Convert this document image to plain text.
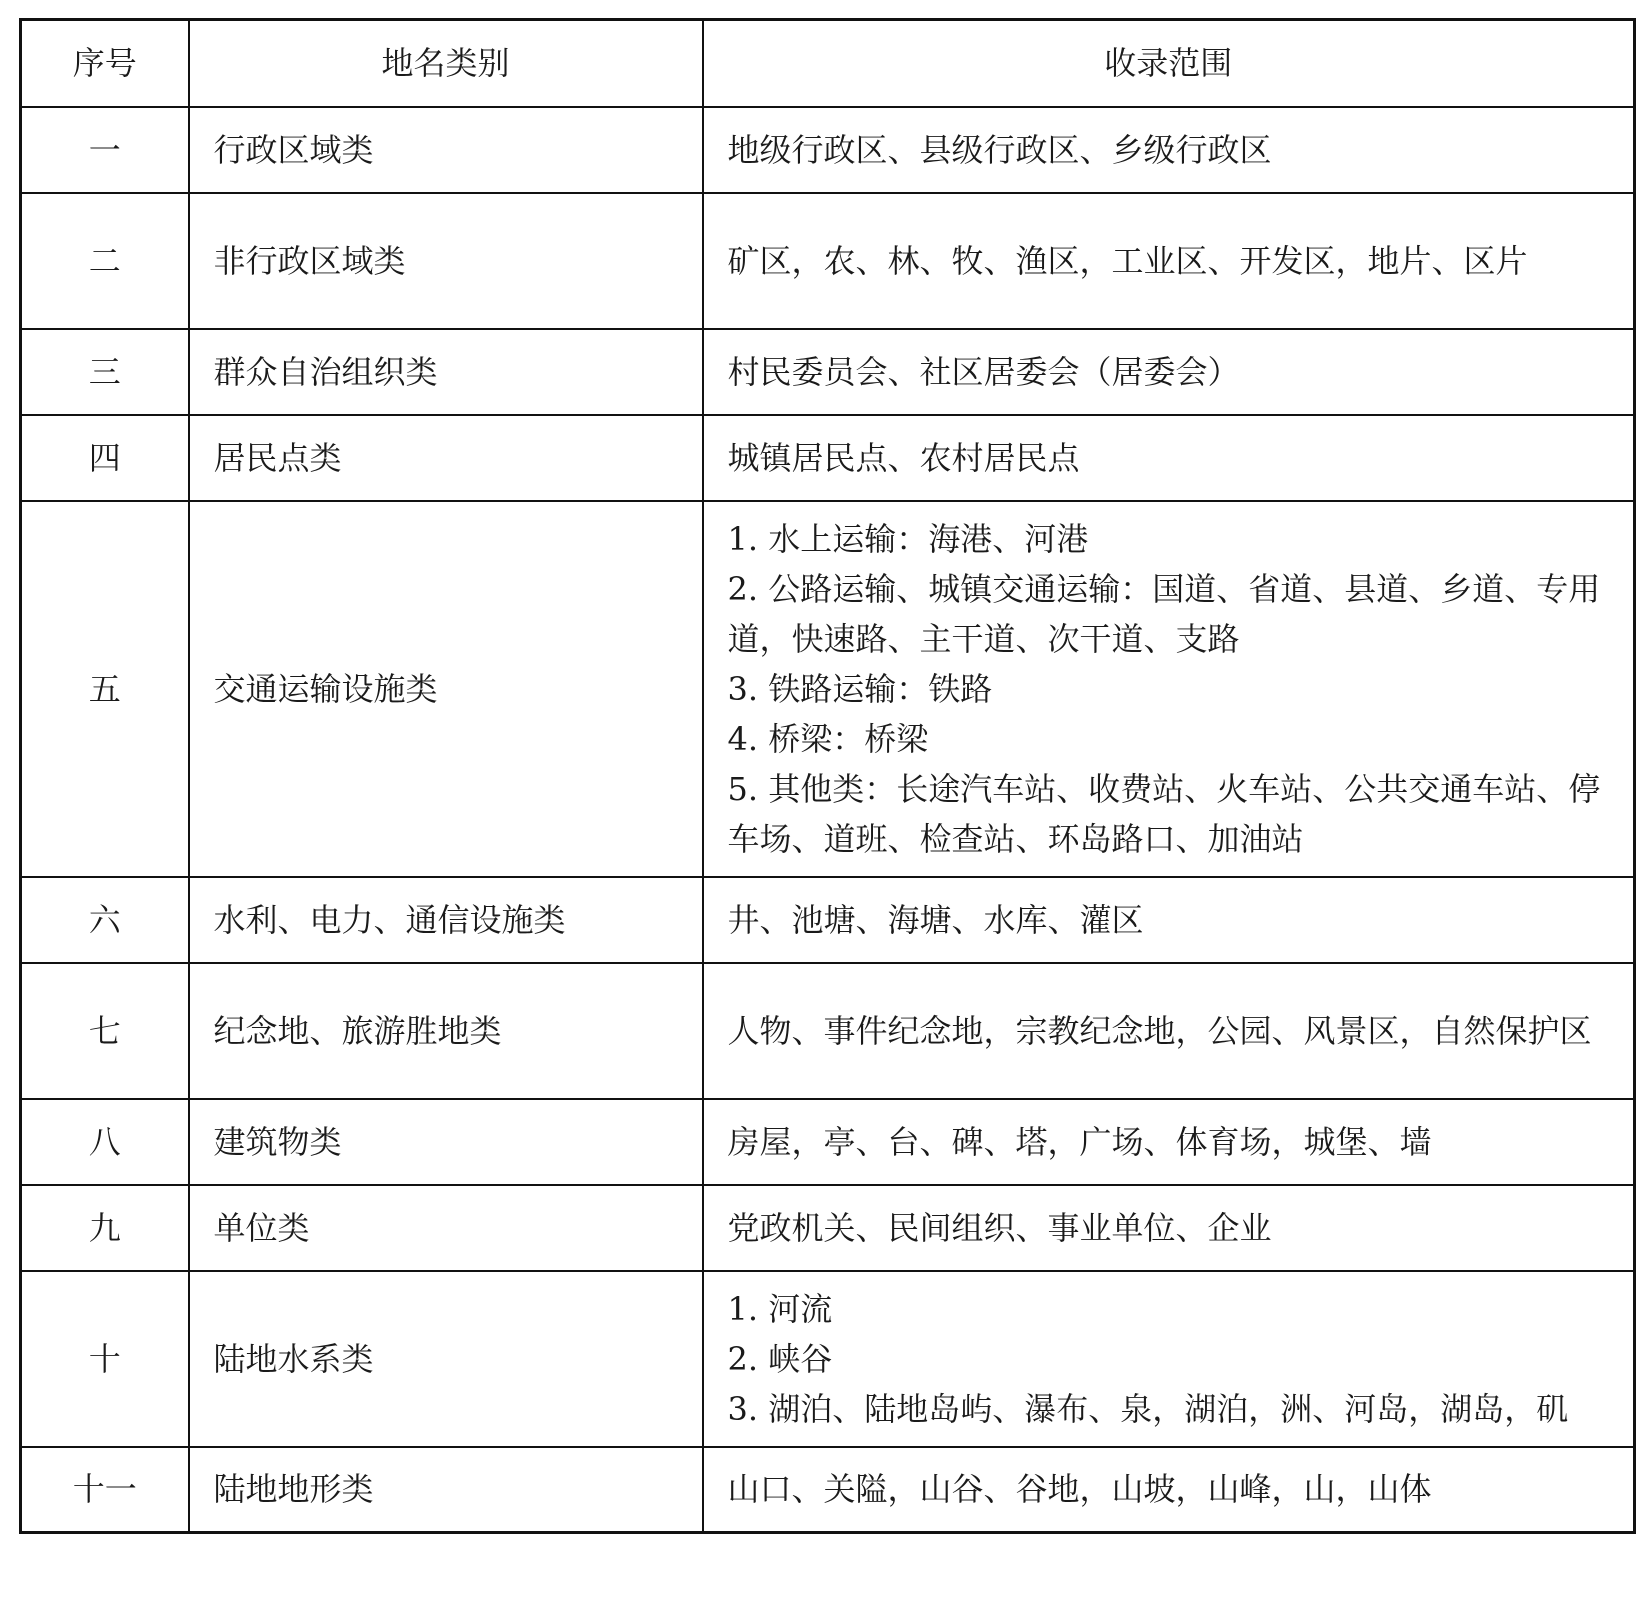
序号	地名类别	收录范围
一	行政区域类	地级行政区、县级行政区、乡级行政区

二	非行政区域类	矿区，农、林、牧、渔区，工业区、开发区，地片、区片

三	群众自治组织类	村民委员会、社区居委会（居委会）

四	居民点类	城镇居民点、农村居民点

五	交通运输设施类	1. 水上运输：海港、河港
2. 公路运输、城镇交通运输：国道、省道、县道、乡道、专用道，快速路、主干道、次干道、支路
3. 铁路运输：铁路
4. 桥梁：桥梁
5. 其他类：长途汽车站、收费站、火车站、公共交通车站、停车场、道班、检查站、环岛路口、加油站

六	水利、电力、通信设施类	井、池塘、海塘、水库、灌区

七	纪念地、旅游胜地类	人物、事件纪念地，宗教纪念地，公园、风景区，自然保护区

八	建筑物类	房屋，亭、台、碑、塔，广场、体育场，城堡、墙

九	单位类	党政机关、民间组织、事业单位、企业

十	陆地水系类	1. 河流
2. 峡谷
3. 湖泊、陆地岛屿、瀑布、泉，湖泊，洲、河岛，湖岛，矶

十一	陆地地形类	山口、关隘，山谷、谷地，山坡，山峰，山，山体
